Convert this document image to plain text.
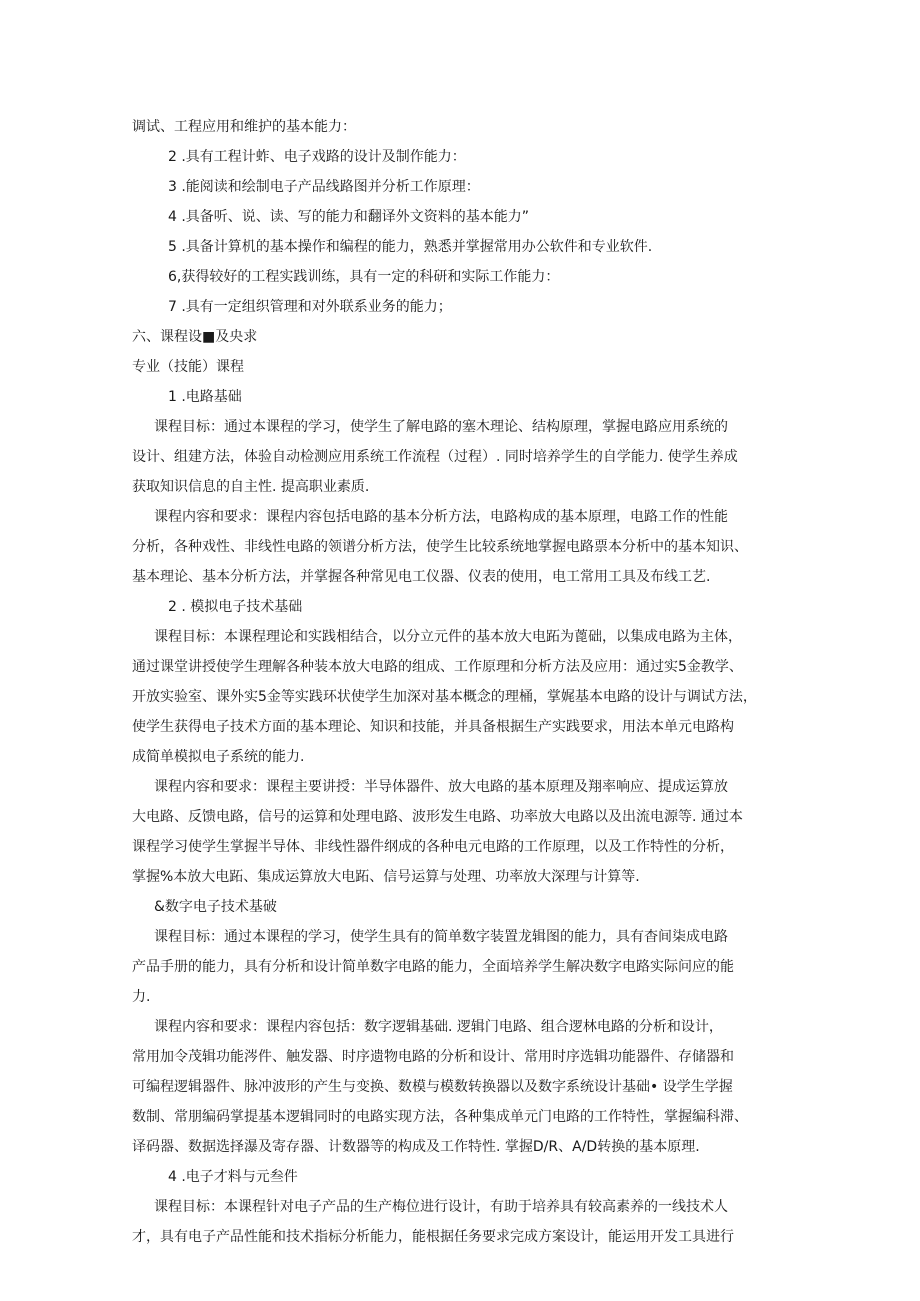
调试、工程应用和维护的基本能力：
2 .具有工程计蚱、电子戏路的设计及制作能力：
3 .能阅读和绘制电子产品线路图并分析工作原理：
4 .具备听、说、读、写的能力和翻译外文资料的基本能力”
5 .具备计算机的基本操作和编程的能力，熟悉并掌握常用办公软件和专业软件.
6,获得较好的工程实践训练，具有一定的科研和实际工作能力：
7 .具有一定组织管理和对外联系业务的能力；
六、课程设■及央求
专业（技能）课程
1 .电路基础
课程目标：通过本课程的学习，使学生了解电路的塞木理论、结构原理，掌握电路应用系统的
设计、组建方法，体验自动检测应用系统工作流程（过程）. 同时培养学生的自学能力. 使学生养成
获取知识信息的自主性. 提高职业素质.
课程内容和要求：课程内容包括电路的基本分析方法，电路构成的基本原理，电路工作的性能
分析，各种戏性、非线性电路的领谱分析方法，使学生比较系统地掌握电路票本分析中的基本知识、
基本理论、基本分析方法，并掌握各种常见电工仪器、仪表的使用，电工常用工具及布线工艺.
2 . 模拟电子技术基础
课程目标：本课程理论和实践相结合，以分立元件的基本放大电跖为蓖础，以集成电路为主体，
通过课堂讲授使学生理解各种装本放大电路的组成、工作原理和分析方法及应用：通过实5金教学、
开放实验室、课外实5金等实践环状使学生加深对基本概念的理桶，掌娓基本电路的设计与调试方法，
使学生获得电子技术方面的基本理论、知识和技能，并具备根据生产实践要求，用法本单元电路构
成简单模拟电子系统的能力.
课程内容和要求：课程主要讲授：半导体器件、放大电路的基本原理及翔率响应、提成运算放
大电路、反馈电路，信号的运算和处理电路、波形发生电路、功率放大电路以及出流电源等. 通过本
课程学习使学生掌握半导体、非线性器件纲成的各种电元电路的工作原理，以及工作特性的分析，
掌握%本放大电跖、集成运算放大电跖、信号运算与处理、功率放大深理与计算等.
&数字电子技术基破
课程目标：通过本课程的学习，使学生具有的简单数字装置龙辑图的能力，具有杳间柒成电路
产品手册的能力，具有分析和设计简单数字电路的能力，全面培养学生解决数字电路实际问应的能
力.
课程内容和要求：课程内容包括：数字逻辑基础. 逻辑门电路、组合逻林电路的分析和设计，
常用加令茂辑功能涔件、触发器、时序遗物电路的分析和设计、常用时序选辑功能器件、存储器和
可编程逻辑器件、脉冲波形的产生与变换、数模与模数转换器以及数字系统设计基础• 设学生学握
数制、常朋编码掌提基本逻辑同时的电路实现方法，各种集成单元门电路的工作特性，掌握编科滞、
译码器、数据选择瀑及寄存器、计数器等的构成及工作特性. 掌握D/R、A/D转换的基本原理.
4 .电子才料与元叁件
课程目标：本课程针对电子产品的生产梅位进行设计，有助于培养具有较高素养的一线技术人
才，具有电子产品性能和技术指标分析能力，能根据任务要求完成方案设计，能运用开发工具进行
